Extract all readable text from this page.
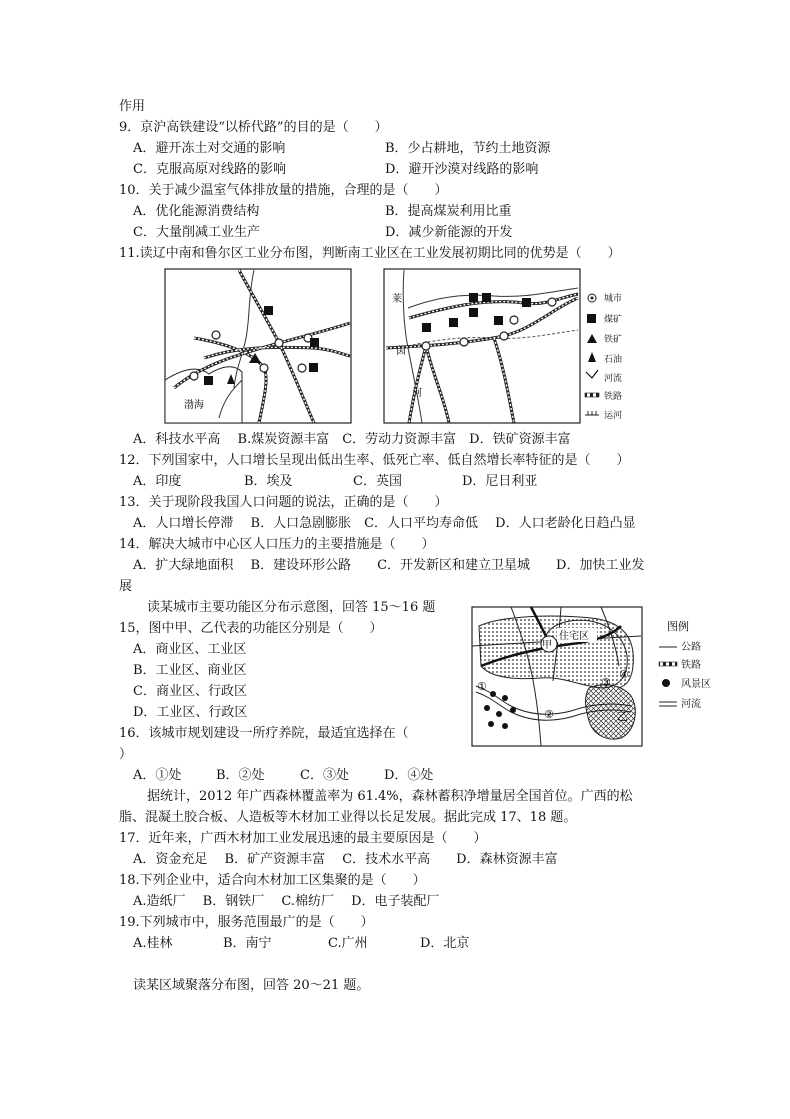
作用
9．京沪高铁建设“以桥代路”的目的是（　　）
A．避开冻土对交通的影响	B．少占耕地，节约土地资源
C．克服高原对线路的影响	D．避开沙漠对线路的影响
10．关于减少温室气体排放量的措施，合理的是（　　）
A．优化能源消费结构	B．提高煤炭利用比重
C．大量削减工业生产	D．减少新能源的开发
11.读辽中南和鲁尔区工业分布图，判断南工业区在工业发展初期比同的优势是（　　）
渤海
莱
茵
河
城市
煤矿
铁矿
石油
河流
铁路
运河
A．科技水平高　 B.煤炭资源丰富　C．劳动力资源丰富　D．铁矿资源丰富
12．下列国家中，人口增长呈现出低出生率、低死亡率、低自然增长率特征的是（　　）
A．印度	B．埃及	C．英国	D．尼日利亚
13．关于现阶段我国人口问题的说法，正确的是（　　）
A．人口增长停滞　 B．人口急剧膨胀　C．人口平均寿命低　 D．人口老龄化日趋凸显
14．解决大城市中心区人口压力的主要措施是（　　）
A．扩大绿地面积　 B．建设环形公路　　C．开发新区和建立卫星城　　D．加快工业发
展
读某城市主要功能区分布示意图，回答 15～16 题
15，图中甲、乙代表的功能区分别是（　　）
A．商业区、工业区
B．工业区、商业区
C．商业区、行政区
D．工业区、行政区
住宅区
甲
乙
①
②
③
④
图例
公路
铁路
风景区
河流
16．该城市规划建设一所疗养院，最适宜选择在（
）
A．①处	B．②处	C．③处	D．④处
据统计，2012 年广西森林覆盖率为 61.4%，森林蓄积净增量居全国首位。广西的松
脂、混凝土胶合板、人造板等木材加工业得以长足发展。据此完成 17、18 题。
17．近年来，广西木材加工业发展迅速的最主要原因是（　　）
A．资金充足　 B．矿产资源丰富　 C．技术水平高　　D．森林资源丰富
18.下列企业中，适合向木材加工区集聚的是（　　）
A.造纸厂　 B．钢铁厂　 C.棉纺厂　 D．电子装配厂
19.下列城市中，服务范围最广的是（　　）
A.桂林	B．南宁	C.广州	D．北京
读某区域聚落分布图，回答 20～21 题。
